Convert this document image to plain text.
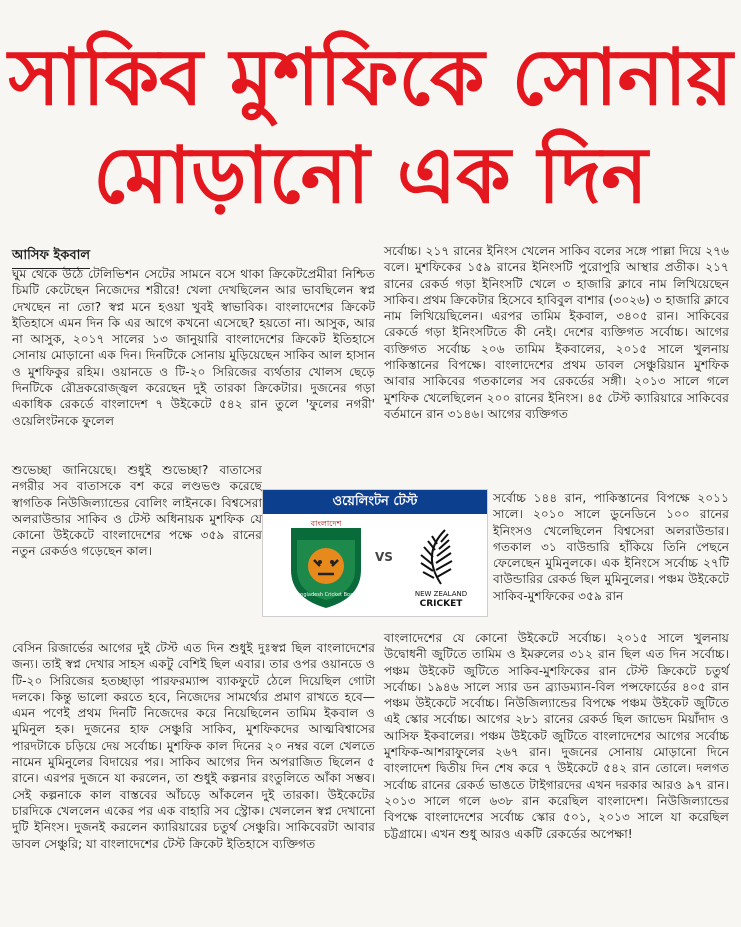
সাকিব মুশফিকে সোনায়
মোড়ানো এক দিন
আসিফ ইকবাল

ঘুম থেকে উঠে টেলিভিশন সেটের সামনে বসে থাকা ক্রিকেটপ্রেমীরা নিশ্চিত চিমটি কেটেছেন নিজেদের শরীরে! খেলা দেখছিলেন আর ভাবছিলেন স্বপ্ন দেখছেন না তো? স্বপ্ন মনে হওয়া খুবই স্বাভাবিক। বাংলাদেশের ক্রিকেট ইতিহাসে এমন দিন কি এর আগে কখনো এসেছে? হয়তো না। আসুক, আর না আসুক, ২০১৭ সালের ১৩ জানুয়ারি বাংলাদেশের ক্রিকেট ইতিহাসে সোনায় মোড়ানো এক দিন। দিনটিকে সোনায় মুড়িয়েছেন সাকিব আল হাসান ও মুশফিকুর রহিম। ওয়ানডে ও টি-২০ সিরিজের ব্যর্থতার খোলস ছেড়ে দিনটিকে রৌদ্রকরোজ্জ্বল করেছেন দুই তারকা ক্রিকেটার। দুজনের গড়া একাধিক রেকর্ডে বাংলাদেশ ৭ উইকেটে ৫৪২ রান তুলে 'ফুলের নগরী' ওয়েলিংটনকে ফুলেল

শুভেচ্ছা জানিয়েছে। শুধুই শুভেচ্ছা? বাতাসের নগরীর সব বাতাসকে বশ করে লণ্ডভণ্ড করেছে স্বাগতিক নিউজিল্যান্ডের বোলিং লাইনকে। বিশ্বসেরা অলরাউন্ডার সাকিব ও টেস্ট অধিনায়ক মুশফিক যে কোনো উইকেটে বাংলাদেশের পক্ষে ৩৫৯ রানের নতুন রেকর্ডও গড়েছেন কাল।

বেসিন রিজার্ভের আগের দুই টেস্ট এত দিন শুধুই দুঃস্বপ্ন ছিল বাংলাদেশের জন্য। তাই স্বপ্ন দেখার সাহস একটু বেশিই ছিল এবার। তার ওপর ওয়ানডে ও টি-২০ সিরিজের হতচ্ছাড়া পারফরম্যান্স ব্যাকফুটে ঠেলে দিয়েছিল গোটা দলকে। কিন্তু ভালো করতে হবে, নিজেদের সামর্থ্যের প্রমাণ রাখতে হবে— এমন পণেই প্রথম দিনটি নিজেদের করে নিয়েছিলেন তামিম ইকবাল ও মুমিনুল হক। দুজনের হাফ সেঞ্চুরি সাকিব, মুশফিকদের আত্মবিশ্বাসের পারদটাকে চড়িয়ে দেয় সর্বোচ্চ। মুশফিক কাল দিনের ২০ নম্বর বলে খেলতে নামেন মুমিনুলের বিদায়ের পর। সাকিব আগের দিন অপরাজিত ছিলেন ৫ রানে। এরপর দুজনে যা করলেন, তা শুধুই কল্পনার রংতুলিতে আঁকা সম্ভব। সেই কল্পনাকে কাল বাস্তবের আঁচড়ে আঁকলেন দুই তারকা। উইকেটের চারদিকে খেললেন একের পর এক বাহারি সব স্ট্রোক। খেললেন স্বপ্ন দেখানো দুটি ইনিংস। দুজনই করলেন ক্যারিয়ারের চতুর্থ সেঞ্চুরি। সাকিবেরটা আবার ডাবল সেঞ্চুরি; যা বাংলাদেশের টেস্ট ক্রিকেট ইতিহাসে ব্যক্তিগত

সর্বোচ্চ। ২১৭ রানের ইনিংস খেলেন সাকিব বলের সঙ্গে পাল্লা দিয়ে ২৭৬ বলে। মুশফিকের ১৫৯ রানের ইনিংসটি পুরোপুরি আস্থার প্রতীক। ২১৭ রানের রেকর্ড গড়া ইনিংসটি খেলে ৩ হাজারি ক্লাবে নাম লিখিয়েছেন সাকিব। প্রথম ক্রিকেটার হিসেবে হাবিবুল বাশার (৩০২৬) ৩ হাজারি ক্লাবে নাম লিখিয়েছিলেন। এরপর তামিম ইকবাল, ৩৪০৫ রান। সাকিবের রেকর্ডে গড়া ইনিংসটিতে কী নেই। দেশের ব্যক্তিগত সর্বোচ্চ। আগের ব্যক্তিগত সর্বোচ্চ ২০৬ তামিম ইকবালের, ২০১৫ সালে খুলনায় পাকিস্তানের বিপক্ষে। বাংলাদেশের প্রথম ডাবল সেঞ্চুরিয়ান মুশফিক আবার সাকিবের গতকালের সব রেকর্ডের সঙ্গী। ২০১৩ সালে গলে মুশফিক খেলেছিলেন ২০০ রানের ইনিংস। ৪৫ টেস্ট ক্যারিয়ারে সাকিবের বর্তমানে রান ৩১৪৬। আগের ব্যক্তিগত

সর্বোচ্চ ১৪৪ রান, পাকিস্তানের বিপক্ষে ২০১১ সালে। ২০১০ সালে ডুনেডিনে ১০০ রানের ইনিংসও খেলেছিলেন বিশ্বসেরা অলরাউন্ডার। গতকাল ৩১ বাউন্ডারি হাঁকিয়ে তিনি পেছনে ফেলেছেন মুমিনুলকে। এক ইনিংসে সর্বোচ্চ ২৭টি বাউন্ডারির রেকর্ড ছিল মুমিনুলের। পঞ্চম উইকেটে সাকিব-মুশফিকের ৩৫৯ রান

বাংলাদেশের যে কোনো উইকেটে সর্বোচ্চ। ২০১৫ সালে খুলনায় উদ্বোধনী জুটিতে তামিম ও ইমরুলের ৩১২ রান ছিল এত দিন সর্বোচ্চ। পঞ্চম উইকেট জুটিতে সাকিব-মুশফিকের রান টেস্ট ক্রিকেটে চতুর্থ সর্বোচ্চ। ১৯৪৬ সালে স্যার ডন ব্র্যাডম্যান-বিল পন্সফোর্ডের ৪০৫ রান পঞ্চম উইকেটে সর্বোচ্চ। নিউজিল্যান্ডের বিপক্ষে পঞ্চম উইকেট জুটিতে এই স্কোর সর্বোচ্চ। আগের ২৮১ রানের রেকর্ড ছিল জাভেদ মিয়াঁদাদ ও আসিফ ইকবালের। পঞ্চম উইকেট জুটিতে বাংলাদেশের আগের সর্বোচ্চ মুশফিক-আশরাফুলের ২৬৭ রান। দুজনের সোনায় মোড়ানো দিনে বাংলাদেশ দ্বিতীয় দিন শেষ করে ৭ উইকেটে ৫৪২ রান তোলে। দলগত সর্বোচ্চ রানের রেকর্ড ভাঙতে টাইগারদের এখন দরকার আরও ৯৭ রান। ২০১৩ সালে গলে ৬৩৮ রান করেছিল বাংলাদেশ। নিউজিল্যান্ডের বিপক্ষে বাংলাদেশের সর্বোচ্চ স্কোর ৫০১, ২০১৩ সালে যা করেছিল চট্টগ্রামে। এখন শুধু আরও একটি রেকর্ডের অপেক্ষা!

ওয়েলিংটন টেস্ট
বাংলাদেশ
Bangladesh Cricket Board
VS
NEW ZEALAND
CRICKET
